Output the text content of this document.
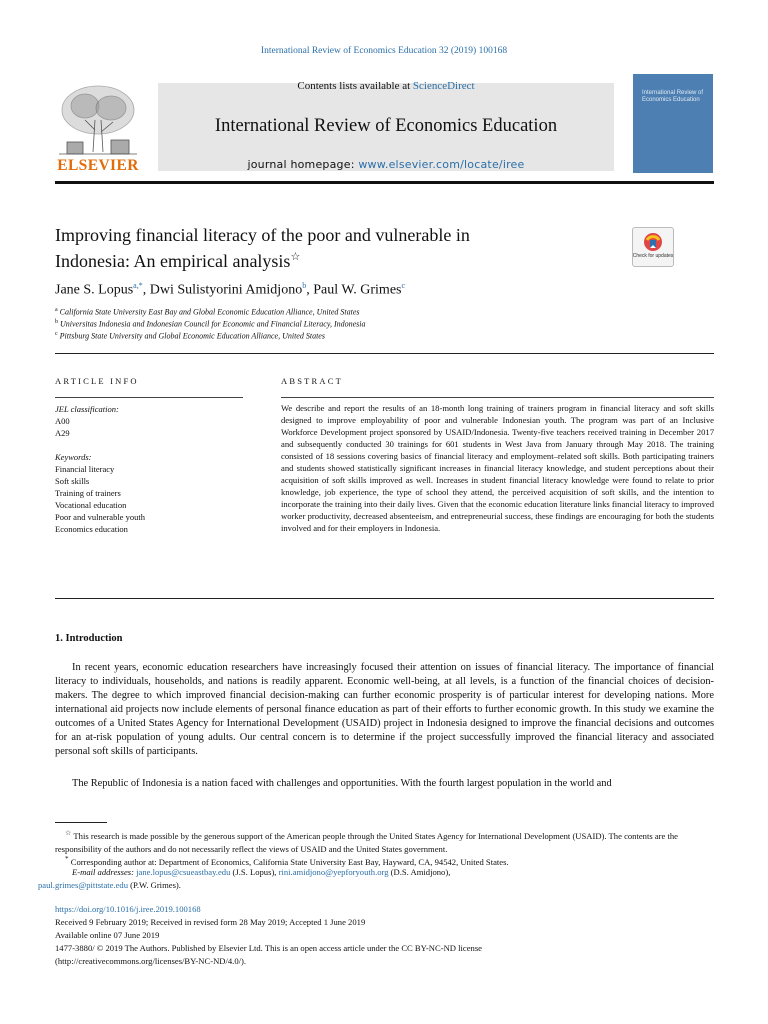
International Review of Economics Education 32 (2019) 100168
ELSEVIER
Contents lists available at ScienceDirect
International Review of Economics Education
journal homepage: www.elsevier.com/locate/iree
International Review of Economics Education
Improving financial literacy of the poor and vulnerable in
Indonesia: An empirical analysis☆	Check for updates
Jane S. Lopus$^{a,*}$, Dwi Sulistyorini Amidjono$^b$, Paul W. Grimes$^c$
$^a$ California State University East Bay and Global Economic Education Alliance, United States
$^b$ Universitas Indonesia and Indonesian Council for Economic and Financial Literacy, Indonesia
$^c$ Pittsburg State University and Global Economic Education Alliance, United States
ARTICLE INFO	ABSTRACT
JEL classification:
A00
A29
Keywords:
Financial literacy
Soft skills
Training of trainers
Vocational education
Poor and vulnerable youth
Economics education
We describe and report the results of an 18-month long training of trainers program in financial literacy and soft skills designed to improve employability of poor and vulnerable Indonesian youth. The program was part of an Inclusive Workforce Development project sponsored by USAID/Indonesia. Twenty-five teachers received training in December 2017 and subsequently conducted 30 trainings for 601 students in West Java from January through May 2018. The training consisted of 18 sessions covering basics of financial literacy and employment–related soft skills. Both participating trainers and students showed statistically significant increases in financial literacy knowledge, and student perceptions about their acquisition of soft skills improved as well. Increases in student financial literacy knowledge were found to relate to prior knowledge, job experience, the type of school they attend, the perceived acquisition of soft skills, and the intention to incorporate the training into their daily lives. Given that the economic education literature links financial literacy to improved worker productivity, decreased absenteeism, and entrepreneurial success, these findings are encouraging for both the students involved and for their employers in Indonesia.
1. Introduction
In recent years, economic education researchers have increasingly focused their attention on issues of financial literacy. The importance of financial literacy to individuals, households, and nations is readily apparent. Economic well-being, at all levels, is a function of the financial choices of decision-makers. The degree to which improved financial decision-making can further economic prosperity is of particular interest for developing nations. More international aid projects now include elements of personal finance education as part of their efforts to further economic growth. In this study we examine the outcomes of a United States Agency for International Development (USAID) project in Indonesia designed to improve the financial decisions and outcomes for an at-risk population of young adults. Our central concern is to determine if the project successfully improved the financial literacy and associated personal soft skills of participants.
The Republic of Indonesia is a nation faced with challenges and opportunities. With the fourth largest population in the world and
☆ This research is made possible by the generous support of the American people through the United States Agency for International Development (USAID). The contents are the responsibility of the authors and do not necessarily reflect the views of USAID and the United States government.
* Corresponding author at: Department of Economics, California State University East Bay, Hayward, CA, 94542, United States.
E-mail addresses: jane.lopus@csueastbay.edu (J.S. Lopus), rini.amidjono@yepforyouth.org (D.S. Amidjono),
paul.grimes@pittstate.edu (P.W. Grimes).
https://doi.org/10.1016/j.iree.2019.100168
Received 9 February 2019; Received in revised form 28 May 2019; Accepted 1 June 2019
Available online 07 June 2019
1477-3880/ © 2019 The Authors. Published by Elsevier Ltd. This is an open access article under the CC BY-NC-ND license
(http://creativecommons.org/licenses/BY-NC-ND/4.0/).
